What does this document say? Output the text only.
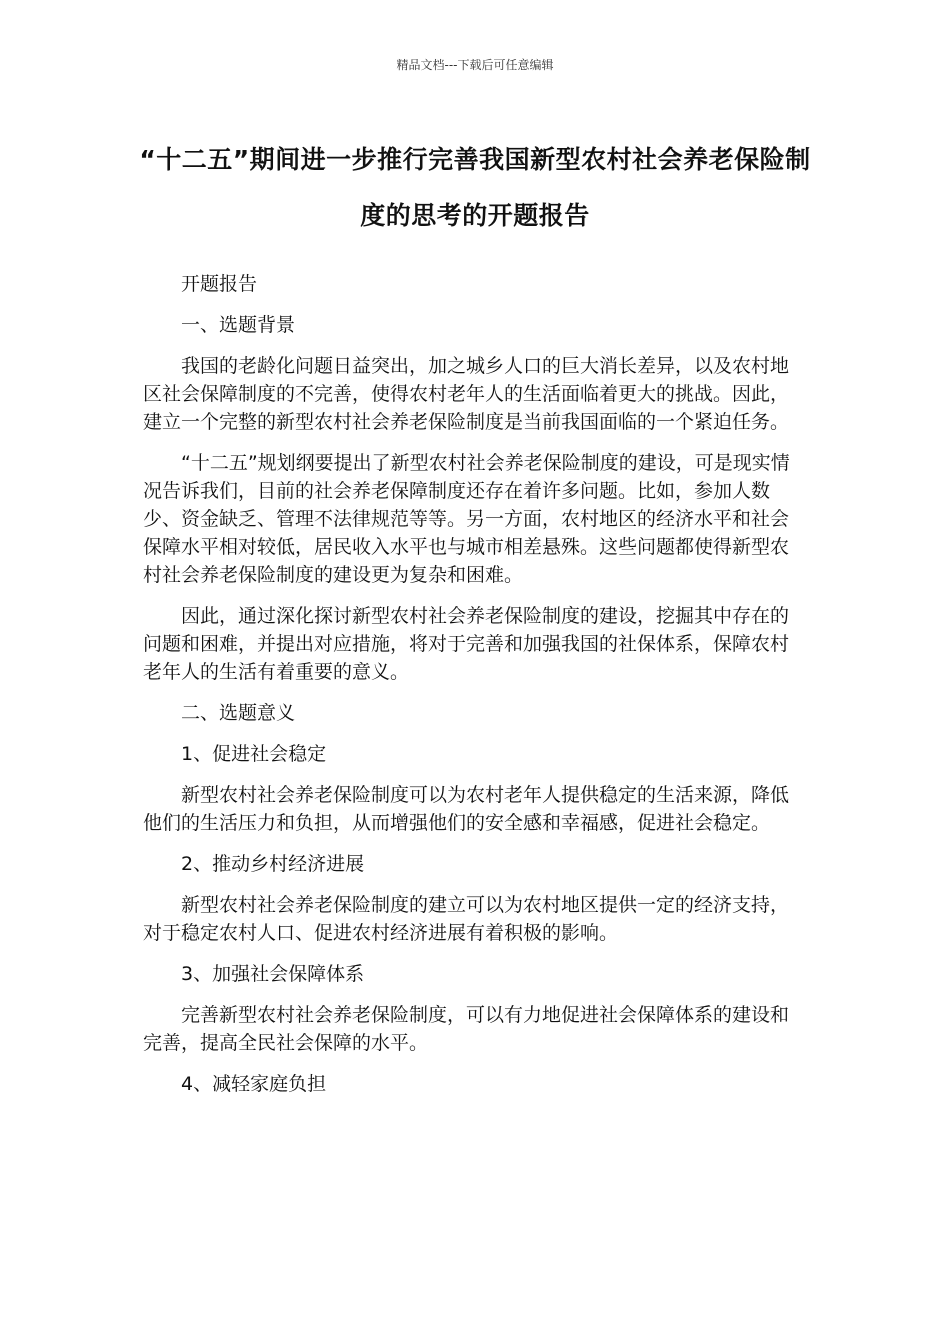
精品文档---下载后可任意编辑
“十二五”期间进一步推行完善我国新型农村社会养老保险制度的思考的开题报告

开题报告

一、选题背景

我国的老龄化问题日益突出，加之城乡人口的巨大消长差异，以及农村地区社会保障制度的不完善，使得农村老年人的生活面临着更大的挑战。因此，建立一个完整的新型农村社会养老保险制度是当前我国面临的一个紧迫任务。

“十二五”规划纲要提出了新型农村社会养老保险制度的建设，可是现实情况告诉我们，目前的社会养老保障制度还存在着许多问题。比如，参加人数少、资金缺乏、管理不法律规范等等。另一方面，农村地区的经济水平和社会保障水平相对较低，居民收入水平也与城市相差悬殊。这些问题都使得新型农村社会养老保险制度的建设更为复杂和困难。

因此，通过深化探讨新型农村社会养老保险制度的建设，挖掘其中存在的问题和困难，并提出对应措施，将对于完善和加强我国的社保体系，保障农村老年人的生活有着重要的意义。

二、选题意义

1、促进社会稳定

新型农村社会养老保险制度可以为农村老年人提供稳定的生活来源，降低他们的生活压力和负担，从而增强他们的安全感和幸福感，促进社会稳定。

2、推动乡村经济进展

新型农村社会养老保险制度的建立可以为农村地区提供一定的经济支持，对于稳定农村人口、促进农村经济进展有着积极的影响。

3、加强社会保障体系

完善新型农村社会养老保险制度，可以有力地促进社会保障体系的建设和完善，提高全民社会保障的水平。

4、减轻家庭负担
